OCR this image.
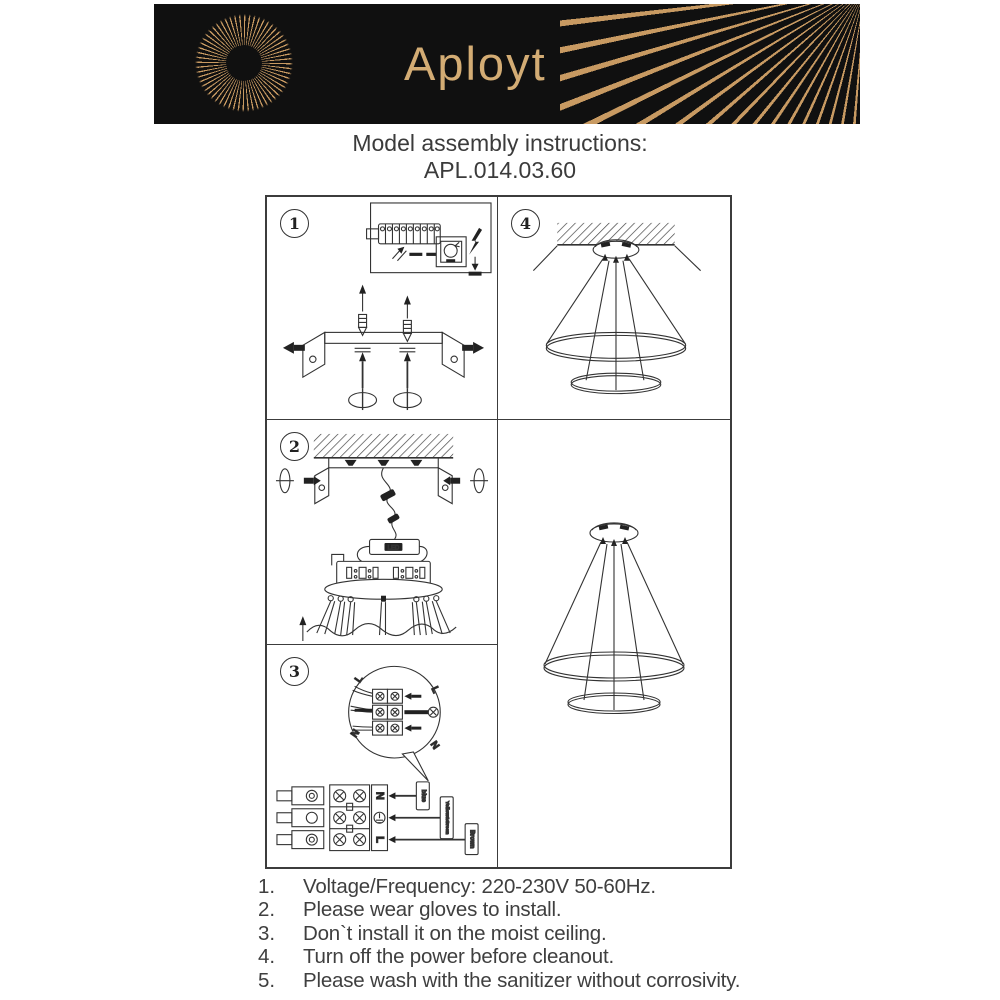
Aployt
Model assembly instructions:
APL.014.03.60
1	4
2
LED
3	L
N
L
N
N
L
blue
Yellow&Green
Brown
1.	Voltage/Frequency: 220-230V 50-60Hz.
2.	Please wear gloves to install.
3.	Don`t install it on the moist ceiling.
4.	Turn off the power before cleanout.
5.	Please wash with the sanitizer without corrosivity.
